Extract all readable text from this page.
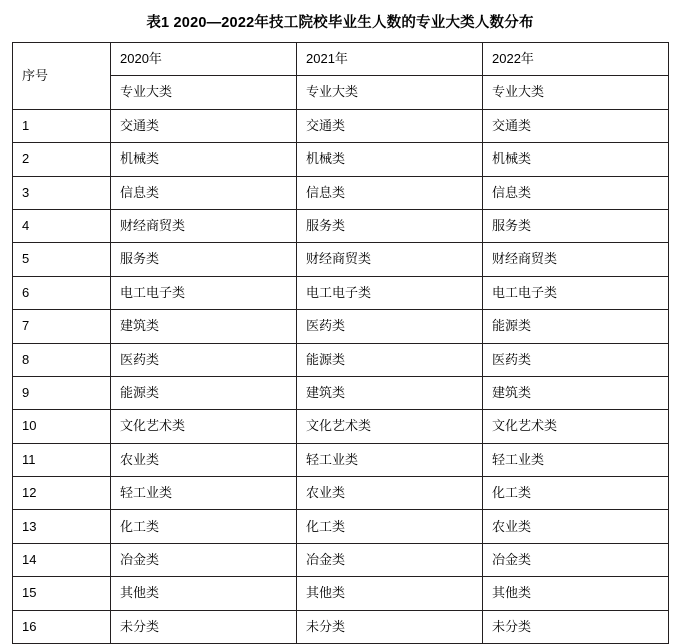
表1 2020—2022年技工院校毕业生人数的专业大类人数分布
序号	2020年	2021年	2022年
	专业大类	专业大类	专业大类
1	交通类	交通类	交通类
2	机械类	机械类	机械类
3	信息类	信息类	信息类
4	财经商贸类	服务类	服务类
5	服务类	财经商贸类	财经商贸类
6	电工电子类	电工电子类	电工电子类
7	建筑类	医药类	能源类
8	医药类	能源类	医药类
9	能源类	建筑类	建筑类
10	文化艺术类	文化艺术类	文化艺术类
11	农业类	轻工业类	轻工业类
12	轻工业类	农业类	化工类
13	化工类	化工类	农业类
14	冶金类	冶金类	冶金类
15	其他类	其他类	其他类
16	未分类	未分类	未分类
